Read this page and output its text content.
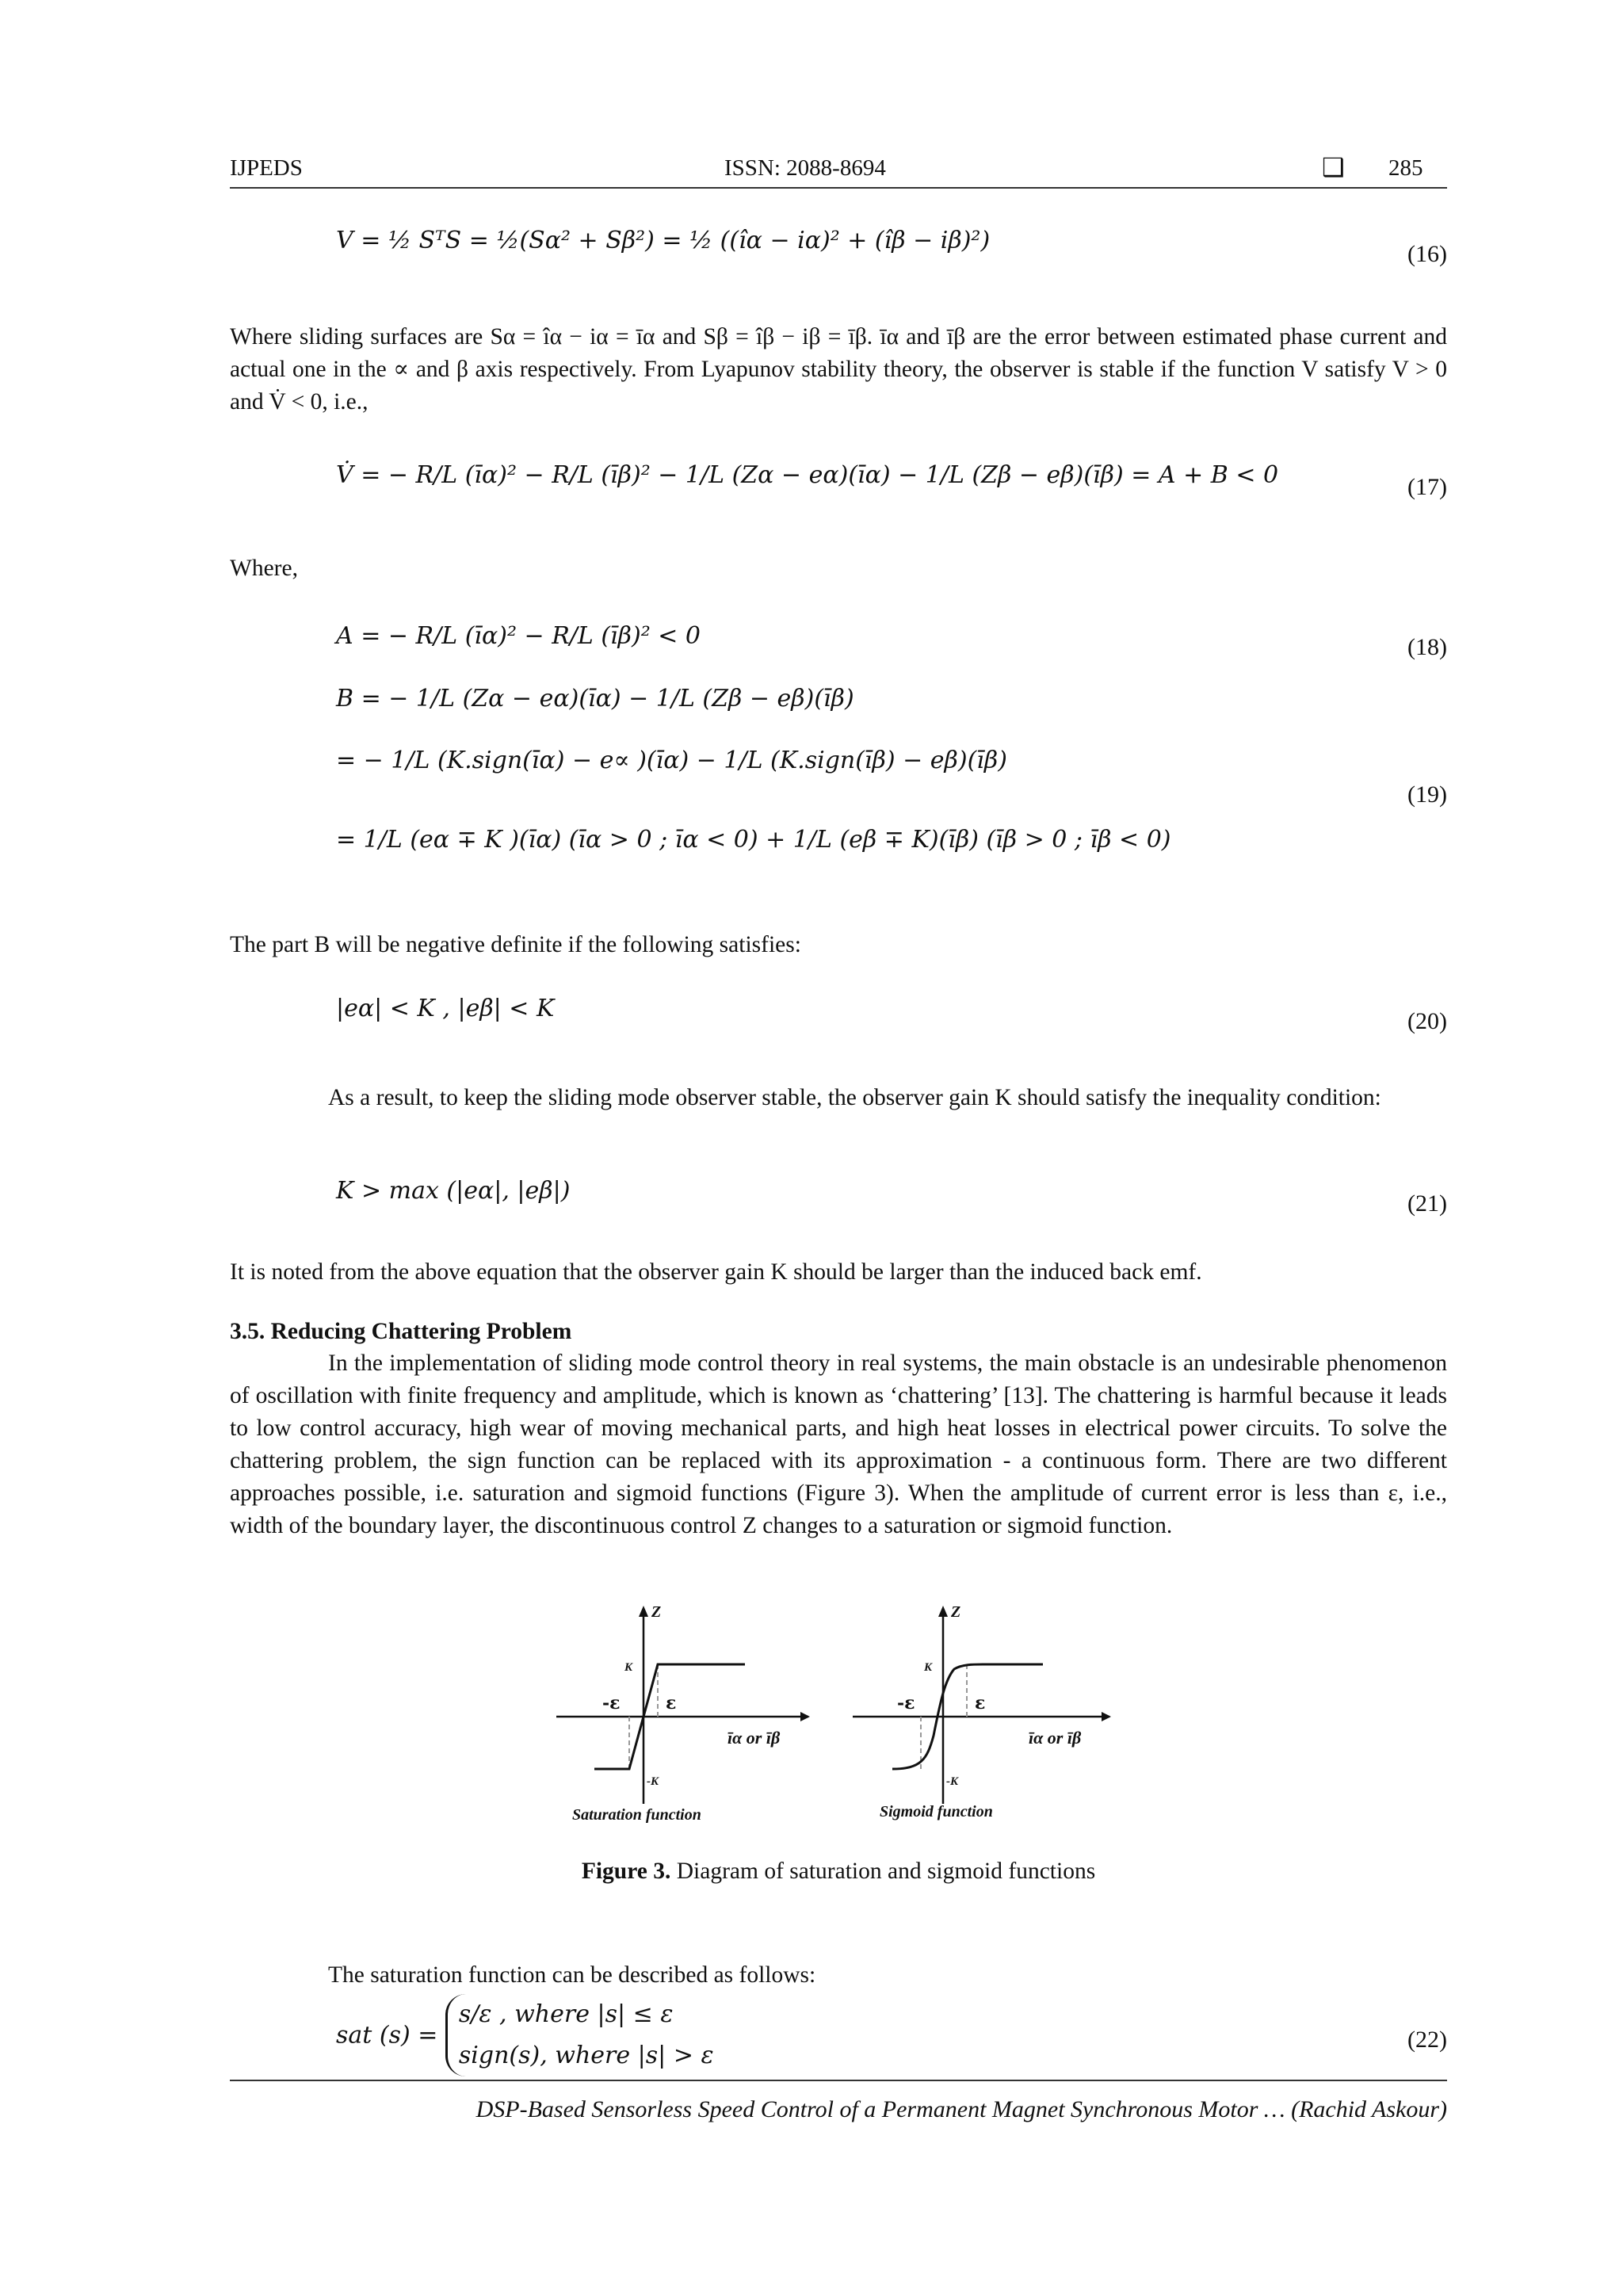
IJPEDS	ISSN: 2088-8694	❑ 285
V = ½ SᵀS = ½(Sα² + Sβ²) = ½ ((îα − iα)² + (îβ − iβ)²)	(16)

Where sliding surfaces are Sα = îα − iα = īα and Sβ = îβ − iβ = īβ. īα and īβ are the error between estimated phase current and actual one in the ∝ and β axis respectively. From Lyapunov stability theory, the observer is stable if the function V satisfy V > 0 and V̇ < 0, i.e.,

V̇ = − R/L (īα)² − R/L (īβ)² − 1/L (Zα − eα)(īα) − 1/L (Zβ − eβ)(īβ) = A + B < 0	(17)
Where,
A = − R/L (īα)² − R/L (īβ)² < 0	(18)
B = − 1/L (Zα − eα)(īα) − 1/L (Zβ − eβ)(īβ)
= − 1/L (K.sign(īα) − e∝ )(īα) − 1/L (K.sign(īβ) − eβ)(īβ)
= 1/L (eα ∓ K )(īα) (īα > 0 ; īα < 0) + 1/L (eβ ∓ K)(īβ) (īβ > 0 ; īβ < 0)
(19)
The part B will be negative definite if the following satisfies:
|eα| < K , |eβ| < K	(20)

As a result, to keep the sliding mode observer stable, the observer gain K should satisfy the inequality condition:

K > max (|eα|, |eβ|)	(21)
It is noted from the above equation that the observer gain K should be larger than the induced back emf.
3.5. Reducing Chattering Problem

In the implementation of sliding mode control theory in real systems, the main obstacle is an undesirable phenomenon of oscillation with finite frequency and amplitude, which is known as ‘chattering’ [13]. The chattering is harmful because it leads to low control accuracy, high wear of moving mechanical parts, and high heat losses in electrical power circuits. To solve the chattering problem, the sign function can be replaced with its approximation - a continuous form. There are two different approaches possible, i.e. saturation and sigmoid functions (Figure 3). When the amplitude of current error is less than ε, i.e., width of the boundary layer, the discontinuous control Z changes to a saturation or sigmoid function.

Z
K
-K
-ε	ε
īα or īβ
Saturation function
Z
K
-K
-ε	ε
īα or īβ
Sigmoid function
Figure 3. Diagram of saturation and sigmoid functions
The saturation function can be described as follows:
sat (s) =
s/ε , where |s| ≤ ε
sign(s), where |s| > ε
(22)
DSP-Based Sensorless Speed Control of a Permanent Magnet Synchronous Motor … (Rachid Askour)
